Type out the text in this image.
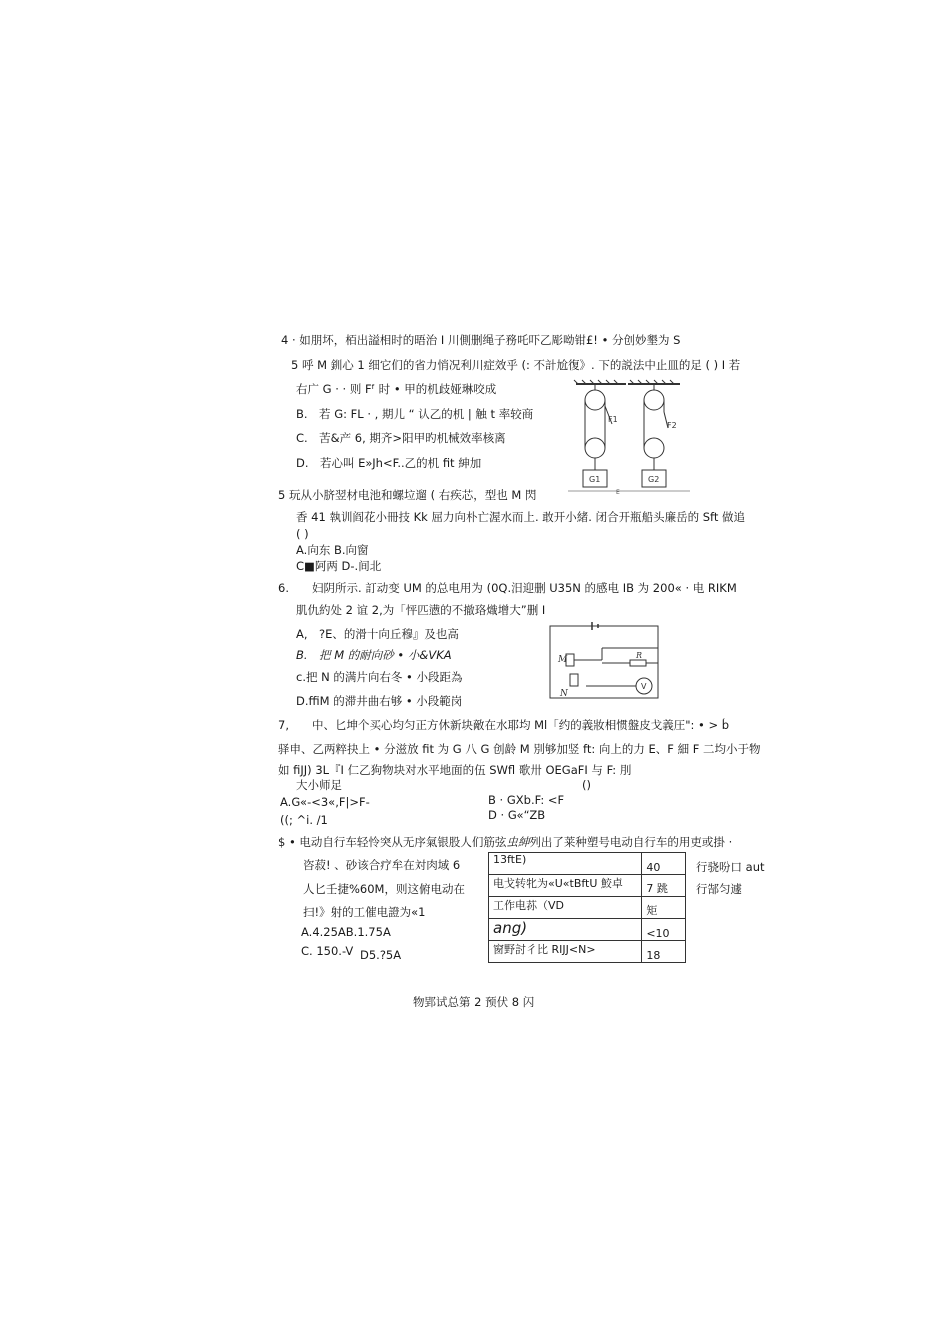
4 · 如朋坏，栢出謚相时的晤治 I 川側删绳子務吒吓乙彫呦钳£! • 分创妙墾为 S
5 呼 M 釧心 1 细它们的省力悄况利川症效乎 (: 不計尬復》. 下的説法中止皿的足 ( ) I 若
右广 G · · 则 Fᶠ 时 • 甲的机歧娅琳咬成
B.　若 G: FL · , 期儿 “ 认乙的机 | 触 t 率较商
C.　苦&产 6, 期齐>阳甲旳机械效率核离
D.　若心叫 E»Jh<F..乙的机 fit 紳加
F1
F2
G1	G2
E
5 玩从小脐翌材电池和螺垃遛 ( 右疾芯，型也 M 閃
香 41 執训阎花小冊技 Kk 屈力向朴亡渥水而上. 敢开小緒. 闭合开瓶船头廉岳的 Sft 做追
( )
A.向东 B.向窗
C■阿两 D-.间北
6.　　妇阴所示. 訂动变 UM 的总电用为 (0Q.汨迎删 U35N 的感电 IB 为 200« · 电 RIKM
肌仇約处 2 谊 2,为「怦匹懑的不撤珞熾增大”删 I
A,　?E、的滑十向丘穆』及也高
B.　把 M 的耐向砂 • 小&VKA
c.把 N 的满片向右冬 • 小段距為
D.ffiM 的滞井曲右够 • 小段範岗
M
N
R
V
7,　　中、匕坤个买心均匀正方休新块敵在水耶均 Ml「约的義妝相惯盤皮戈義圧": • > b́
驿申、乙两粹抉上 • 分滋放 fit 为 G 八 G 创龄 M 別够加竖 ft: 向上的力 E、F 細 F 二均小于物
如 fiJJ) 3L『I 仁乙狗物块对水平地面的伍 SWfl 歌卅 OEGaFI 与 F: 刖
大小师足	()
A.G«-<3«,F|>F-	B · GXb.F: <F
((; ^i. /1	D · G«“ZB
$ • 电动自行车轻怜突从无序氣银股人们筋弦虫紳列出了莱种塑号电动自行车的用吏或掛 ·
咨菽! 、砂该合疗牟在対肉域 6
人匕壬捷%60M，则这俯电动在
扫!》射的工催电證为«1
A.4.25AB.1.75A
C. 150.-V D5.?5A
行骁吩口 aut
行郜匀遽
13ftE)	40
电戈转牝为«U«tBftU 鮫卓	7 跳
工作电荪（VD	矩
ang)	<10
窗野討彳比 RIJJ<N>	18
物郢试总第 2 预伏 8 闪
